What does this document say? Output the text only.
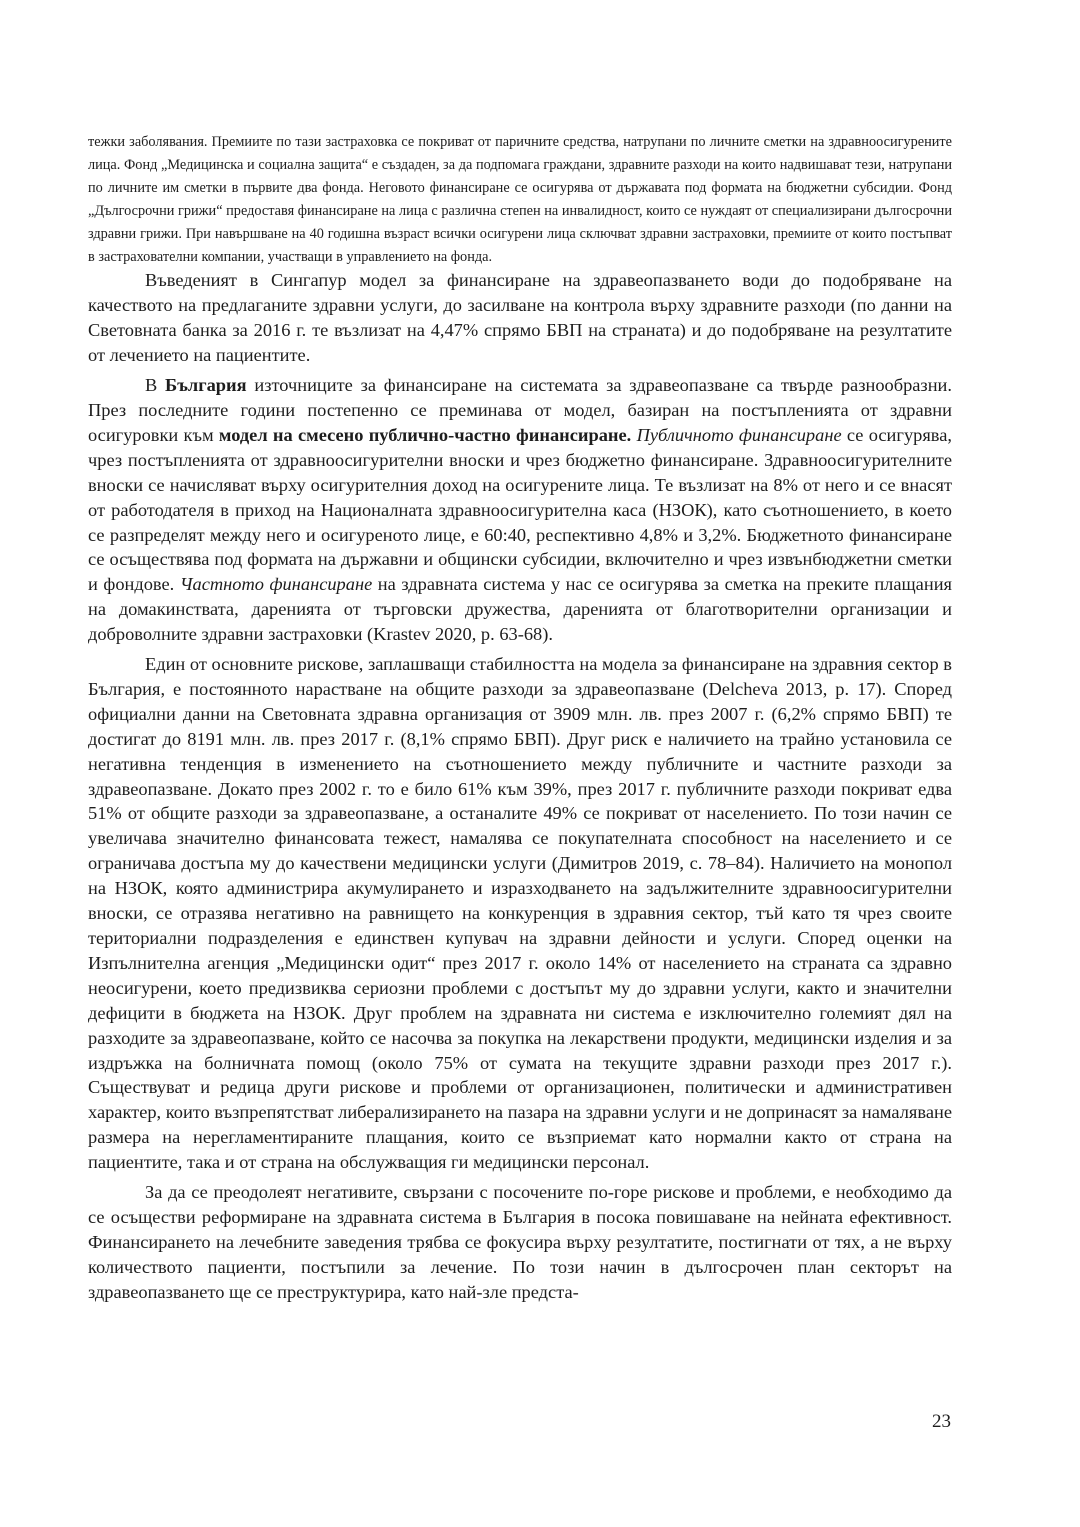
тежки заболявания. Премиите по тази застраховка се покриват от паричните средства, натрупани по личните сметки на здравноосигурените лица. Фонд „Медицинска и социална защита“ е създаден, за да подпомага граждани, здравните разходи на които надвишават тези, натрупани по личните им сметки в първите два фонда. Неговото финансиране се осигурява от държавата под формата на бюджетни субсидии. Фонд „Дългосрочни грижи“ предоставя финансиране на лица с различна степен на инвалидност, които се нуждаят от специализирани дългосрочни здравни грижи. При навършване на 40 годишна възраст всички осигурени лица сключват здравни застраховки, премиите от които постъпват в застрахователни компании, участващи в управлението на фонда.

Въведеният в Сингапур модел за финансиране на здравеопазването води до подобряване на качеството на предлаганите здравни услуги, до засилване на контрола върху здравните разходи (по данни на Световната банка за 2016 г. те възлизат на 4,47% спрямо БВП на страната) и до подобряване на резултатите от лечението на пациентите.

В България източниците за финансиране на системата за здравеопазване са твърде разнообразни. През последните години постепенно се преминава от модел, базиран на постъпленията от здравни осигуровки към модел на смесено публично-частно финансиране. Публичното финансиране се осигурява, чрез постъпленията от здравноосигурителни вноски и чрез бюджетно финансиране. Здравноосигурителните вноски се начисляват върху осигурителния доход на осигурените лица. Те възлизат на 8% от него и се внасят от работодателя в приход на Националната здравноосигурителна каса (НЗОК), като съотношението, в което се разпределят между него и осигуреното лице, е 60:40, респективно 4,8% и 3,2%. Бюджетното финансиране се осъществява под формата на държавни и общински субсидии, включително и чрез извънбюджетни сметки и фондове. Частното финансиране на здравната система у нас се осигурява за сметка на преките плащания на домакинствата, даренията от търговски дружества, даренията от благотворителни организации и доброволните здравни застраховки (Krastev 2020, p. 63-68).

Един от основните рискове, заплашващи стабилността на модела за финансиране на здравния сектор в България, е постоянното нарастване на общите разходи за здравеопазване (Delcheva 2013, p. 17). Според официални данни на Световната здравна организация от 3909 млн. лв. през 2007 г. (6,2% спрямо БВП) те достигат до 8191 млн. лв. през 2017 г. (8,1% спрямо БВП). Друг риск е наличието на трайно установила се негативна тенденция в изменението на съотношението между публичните и частните разходи за здравеопазване. Докато през 2002 г. то е било 61% към 39%, през 2017 г. публичните разходи покриват едва 51% от общите разходи за здравеопазване, а останалите 49% се покриват от населението. По този начин се увеличава значително финансовата тежест, намалява се покупателната способност на населението и се ограничава достъпа му до качествени медицински услуги (Димитров 2019, с. 78–84). Наличието на монопол на НЗОК, която администрира акумулирането и изразходването на задължителните здравноосигурителни вноски, се отразява негативно на равнището на конкуренция в здравния сектор, тъй като тя чрез своите териториални подразделения е единствен купувач на здравни дейности и услуги. Според оценки на Изпълнителна агенция „Медицински одит“ през 2017 г. около 14% от населението на страната са здравно неосигурени, което предизвиква сериозни проблеми с достъпът му до здравни услуги, както и значителни дефицити в бюджета на НЗОК. Друг проблем на здравната ни система е изключително големият дял на разходите за здравеопазване, който се насочва за покупка на лекарствени продукти, медицински изделия и за издръжка на болничната помощ (около 75% от сумата на текущите здравни разходи през 2017 г.). Съществуват и редица други рискове и проблеми от организационен, политически и административен характер, които възпрепятстват либерализирането на пазара на здравни услуги и не допринасят за намаляване размера на нерегламентираните плащания, които се възприемат като нормални както от страна на пациентите, така и от страна на обслужващия ги медицински персонал.

За да се преодолеят негативите, свързани с посочените по-горе рискове и проблеми, е необходимо да се осъществи реформиране на здравната система в България в посока повишаване на нейната ефективност. Финансирането на лечебните заведения трябва се фокусира върху резултатите, постигнати от тях, а не върху количеството пациенти, постъпили за лечение. По този начин в дългосрочен план секторът на здравеопазването ще се преструктурира, като най-зле предста-

23
